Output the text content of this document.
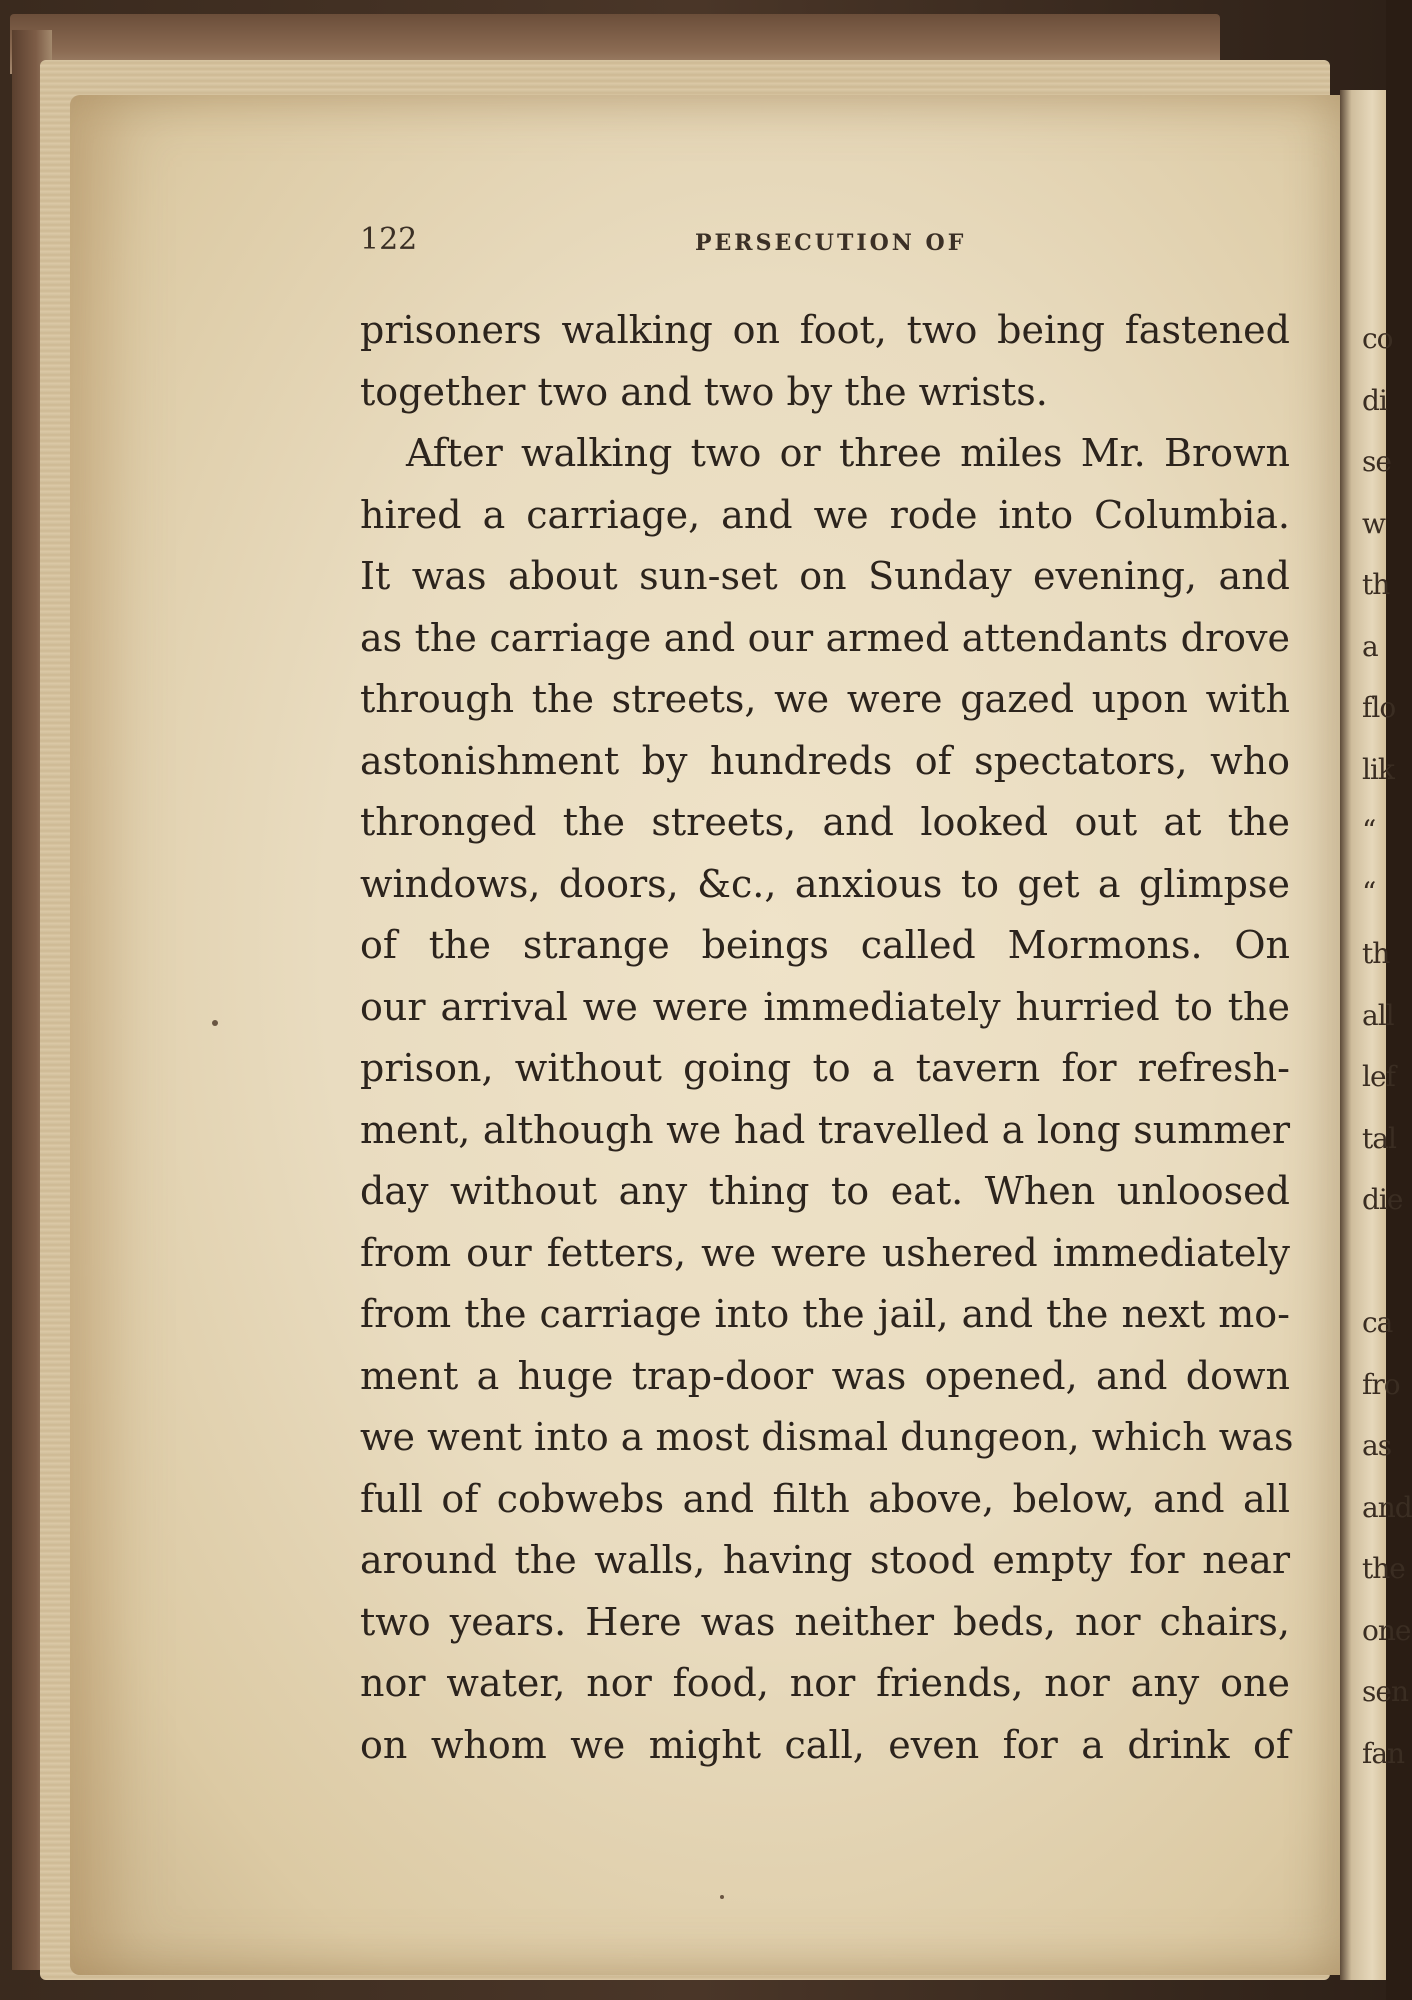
co
di
se
w
th
a
flo
lik
“
“
th
all
lef
tal
die
ca
fro
as
and
the
one
sen
fan
122	PERSECUTION OF
prisoners walking on foot, two being fastened
together two and two by the wrists.
After walking two or three miles Mr. Brown
hired a carriage, and we rode into Columbia.
It was about sun-set on Sunday evening, and
as the carriage and our armed attendants drove
through the streets, we were gazed upon with
astonishment by hundreds of spectators, who
thronged the streets, and looked out at the
windows, doors, &c., anxious to get a glimpse
of the strange beings called Mormons. On
our arrival we were immediately hurried to the
prison, without going to a tavern for refresh-
ment, although we had travelled a long summer
day without any thing to eat. When unloosed
from our fetters, we were ushered immediately
from the carriage into the jail, and the next mo-
ment a huge trap-door was opened, and down
we went into a most dismal dungeon, which was
full of cobwebs and filth above, below, and all
around the walls, having stood empty for near
two years. Here was neither beds, nor chairs,
nor water, nor food, nor friends, nor any one
on whom we might call, even for a drink of
